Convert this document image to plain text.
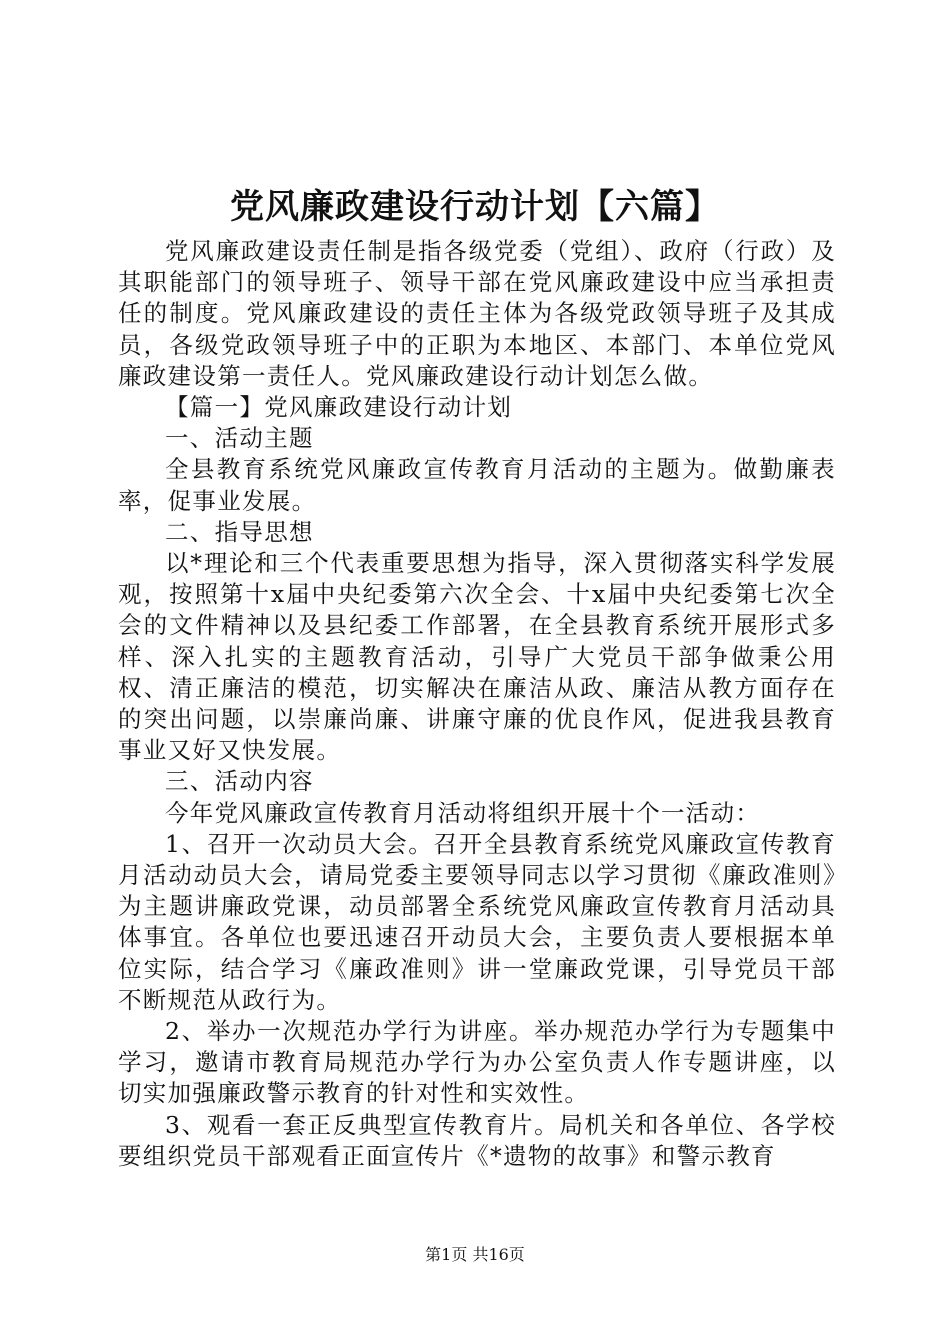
党风廉政建设行动计划【六篇】

党风廉政建设责任制是指各级党委（党组）、政府（行政）及其职能部门的领导班子、领导干部在党风廉政建设中应当承担责任的制度。党风廉政建设的责任主体为各级党政领导班子及其成员，各级党政领导班子中的正职为本地区、本部门、本单位党风廉政建设第一责任人。党风廉政建设行动计划怎么做。

【篇一】党风廉政建设行动计划

一、活动主题

全县教育系统党风廉政宣传教育月活动的主题为。做勤廉表率，促事业发展。

二、指导思想

以*理论和三个代表重要思想为指导，深入贯彻落实科学发展观，按照第十x届中央纪委第六次全会、十x届中央纪委第七次全会的文件精神以及县纪委工作部署，在全县教育系统开展形式多样、深入扎实的主题教育活动，引导广大党员干部争做秉公用权、清正廉洁的模范，切实解决在廉洁从政、廉洁从教方面存在的突出问题，以崇廉尚廉、讲廉守廉的优良作风，促进我县教育事业又好又快发展。

三、活动内容

今年党风廉政宣传教育月活动将组织开展十个一活动：

1、召开一次动员大会。召开全县教育系统党风廉政宣传教育月活动动员大会，请局党委主要领导同志以学习贯彻《廉政准则》为主题讲廉政党课，动员部署全系统党风廉政宣传教育月活动具体事宜。各单位也要迅速召开动员大会，主要负责人要根据本单位实际，结合学习《廉政准则》讲一堂廉政党课，引导党员干部不断规范从政行为。

2、举办一次规范办学行为讲座。举办规范办学行为专题集中学习，邀请市教育局规范办学行为办公室负责人作专题讲座，以切实加强廉政警示教育的针对性和实效性。

3、观看一套正反典型宣传教育片。局机关和各单位、各学校要组织党员干部观看正面宣传片《*遗物的故事》和警示教育

第1页 共16页
